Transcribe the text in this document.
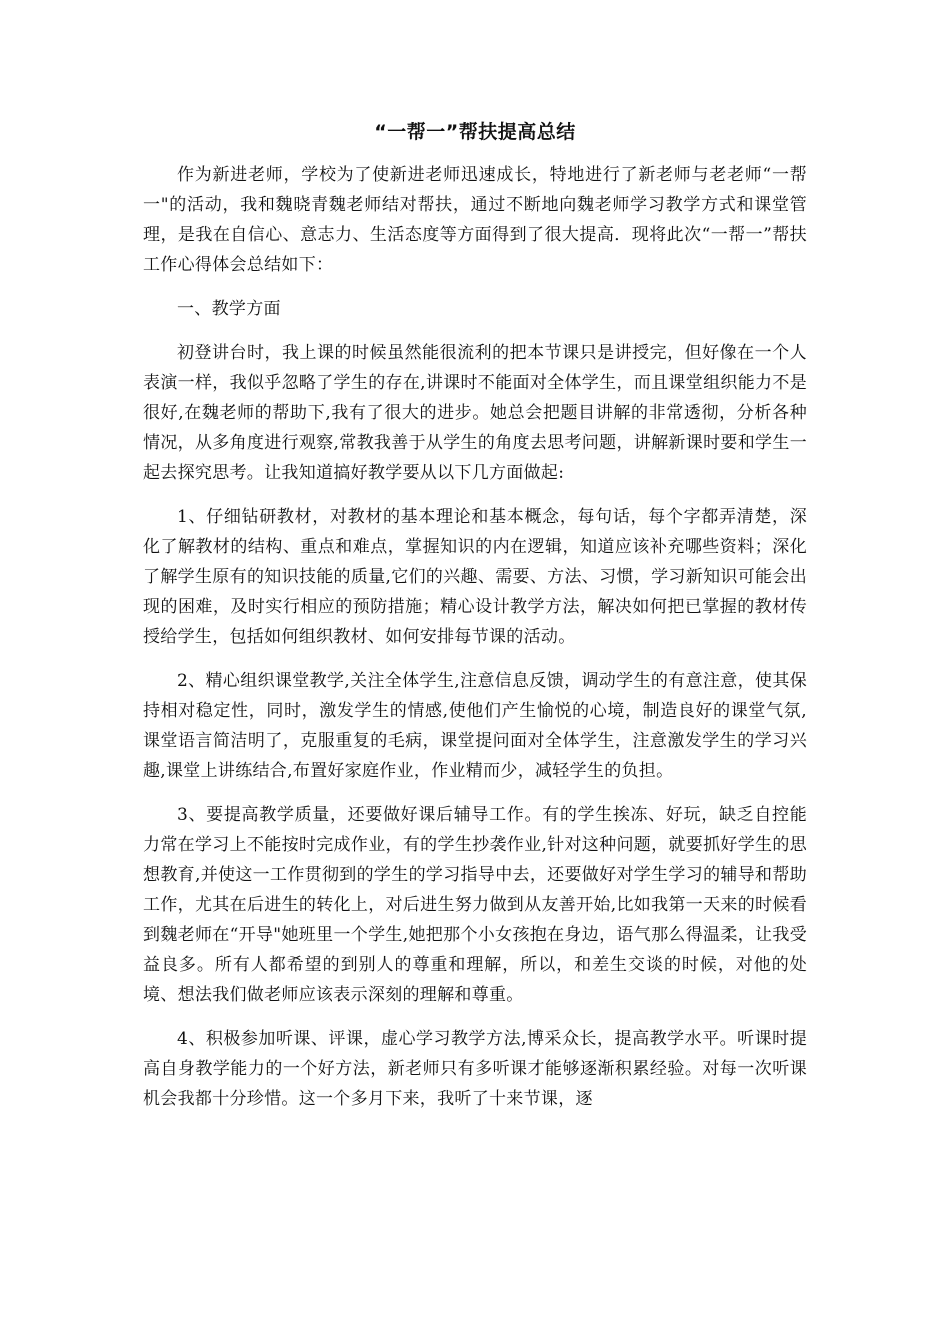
“一帮一”帮扶提高总结

作为新进老师，学校为了使新进老师迅速成长，特地进行了新老师与老老师“一帮一"的活动，我和魏晓青魏老师结对帮扶，通过不断地向魏老师学习教学方式和课堂管理，是我在自信心、意志力、生活态度等方面得到了很大提高．现将此次“一帮一”帮扶工作心得体会总结如下：

一、教学方面

初登讲台时，我上课的时候虽然能很流利的把本节课只是讲授完，但好像在一个人表演一样，我似乎忽略了学生的存在,讲课时不能面对全体学生，而且课堂组织能力不是很好,在魏老师的帮助下,我有了很大的进步。她总会把题目讲解的非常透彻，分析各种情况，从多角度进行观察,常教我善于从学生的角度去思考问题，讲解新课时要和学生一起去探究思考。让我知道搞好教学要从以下几方面做起:

1、仔细钻研教材，对教材的基本理论和基本概念，每句话，每个字都弄清楚，深化了解教材的结构、重点和难点，掌握知识的内在逻辑，知道应该补充哪些资料；深化了解学生原有的知识技能的质量,它们的兴趣、需要、方法、习惯，学习新知识可能会出现的困难，及时实行相应的预防措施；精心设计教学方法，解决如何把已掌握的教材传授给学生，包括如何组织教材、如何安排每节课的活动。

2、精心组织课堂教学,关注全体学生,注意信息反馈，调动学生的有意注意，使其保持相对稳定性，同时，激发学生的情感,使他们产生愉悦的心境，制造良好的课堂气氛,课堂语言简洁明了，克服重复的毛病，课堂提问面对全体学生，注意激发学生的学习兴趣,课堂上讲练结合,布置好家庭作业，作业精而少，减轻学生的负担。

3、要提高教学质量，还要做好课后辅导工作。有的学生挨冻、好玩，缺乏自控能力常在学习上不能按时完成作业，有的学生抄袭作业,针对这种问题，就要抓好学生的思想教育,并使这一工作贯彻到的学生的学习指导中去，还要做好对学生学习的辅导和帮助工作，尤其在后进生的转化上，对后进生努力做到从友善开始,比如我第一天来的时候看到魏老师在“开导"她班里一个学生,她把那个小女孩抱在身边，语气那么得温柔，让我受益良多。所有人都希望的到别人的尊重和理解，所以，和差生交谈的时候，对他的处境、想法我们做老师应该表示深刻的理解和尊重。

4、积极参加听课、评课，虚心学习教学方法,博采众长，提高教学水平。听课时提高自身教学能力的一个好方法，新老师只有多听课才能够逐渐积累经验。对每一次听课机会我都十分珍惜。这一个多月下来，我听了十来节课，逐
